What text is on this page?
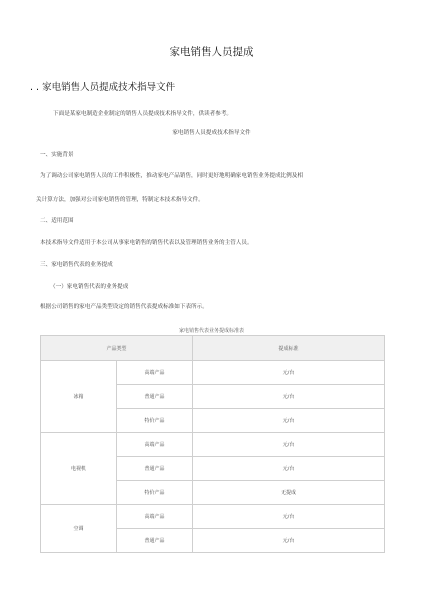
家电销售人员提成
. . 家电销售人员提成技术指导文件
下面是某家电制造企业制定的销售人员提成技术指导文件，供读者参考。
家电销售人员提成技术指导文件
一、实施背景
为了调动公司家电销售人员的工作积极性，推动家电产品销售，同时更好地明确家电销售业务提成比例及相
关计算方法，加强对公司家电销售的管理，特制定本技术指导文件。
二、适用范围
本技术指导文件适用于本公司从事家电销售的销售代表以及管理销售业务的主管人员。
三、家电销售代表的业务提成
（一）家电销售代表的业务提成
根据公司销售的家电产品类型设定的销售代表提成标准如下表所示。
家电销售代表业务提成标准表
产品类型		提成标准
冰箱	高端产品	元/台
	普通产品	元/台
	特价产品	元/台
电视机	高端产品	元/台
	普通产品	元/台
	特价产品	无提成
空调	高端产品	元/台
	普通产品	元/台
